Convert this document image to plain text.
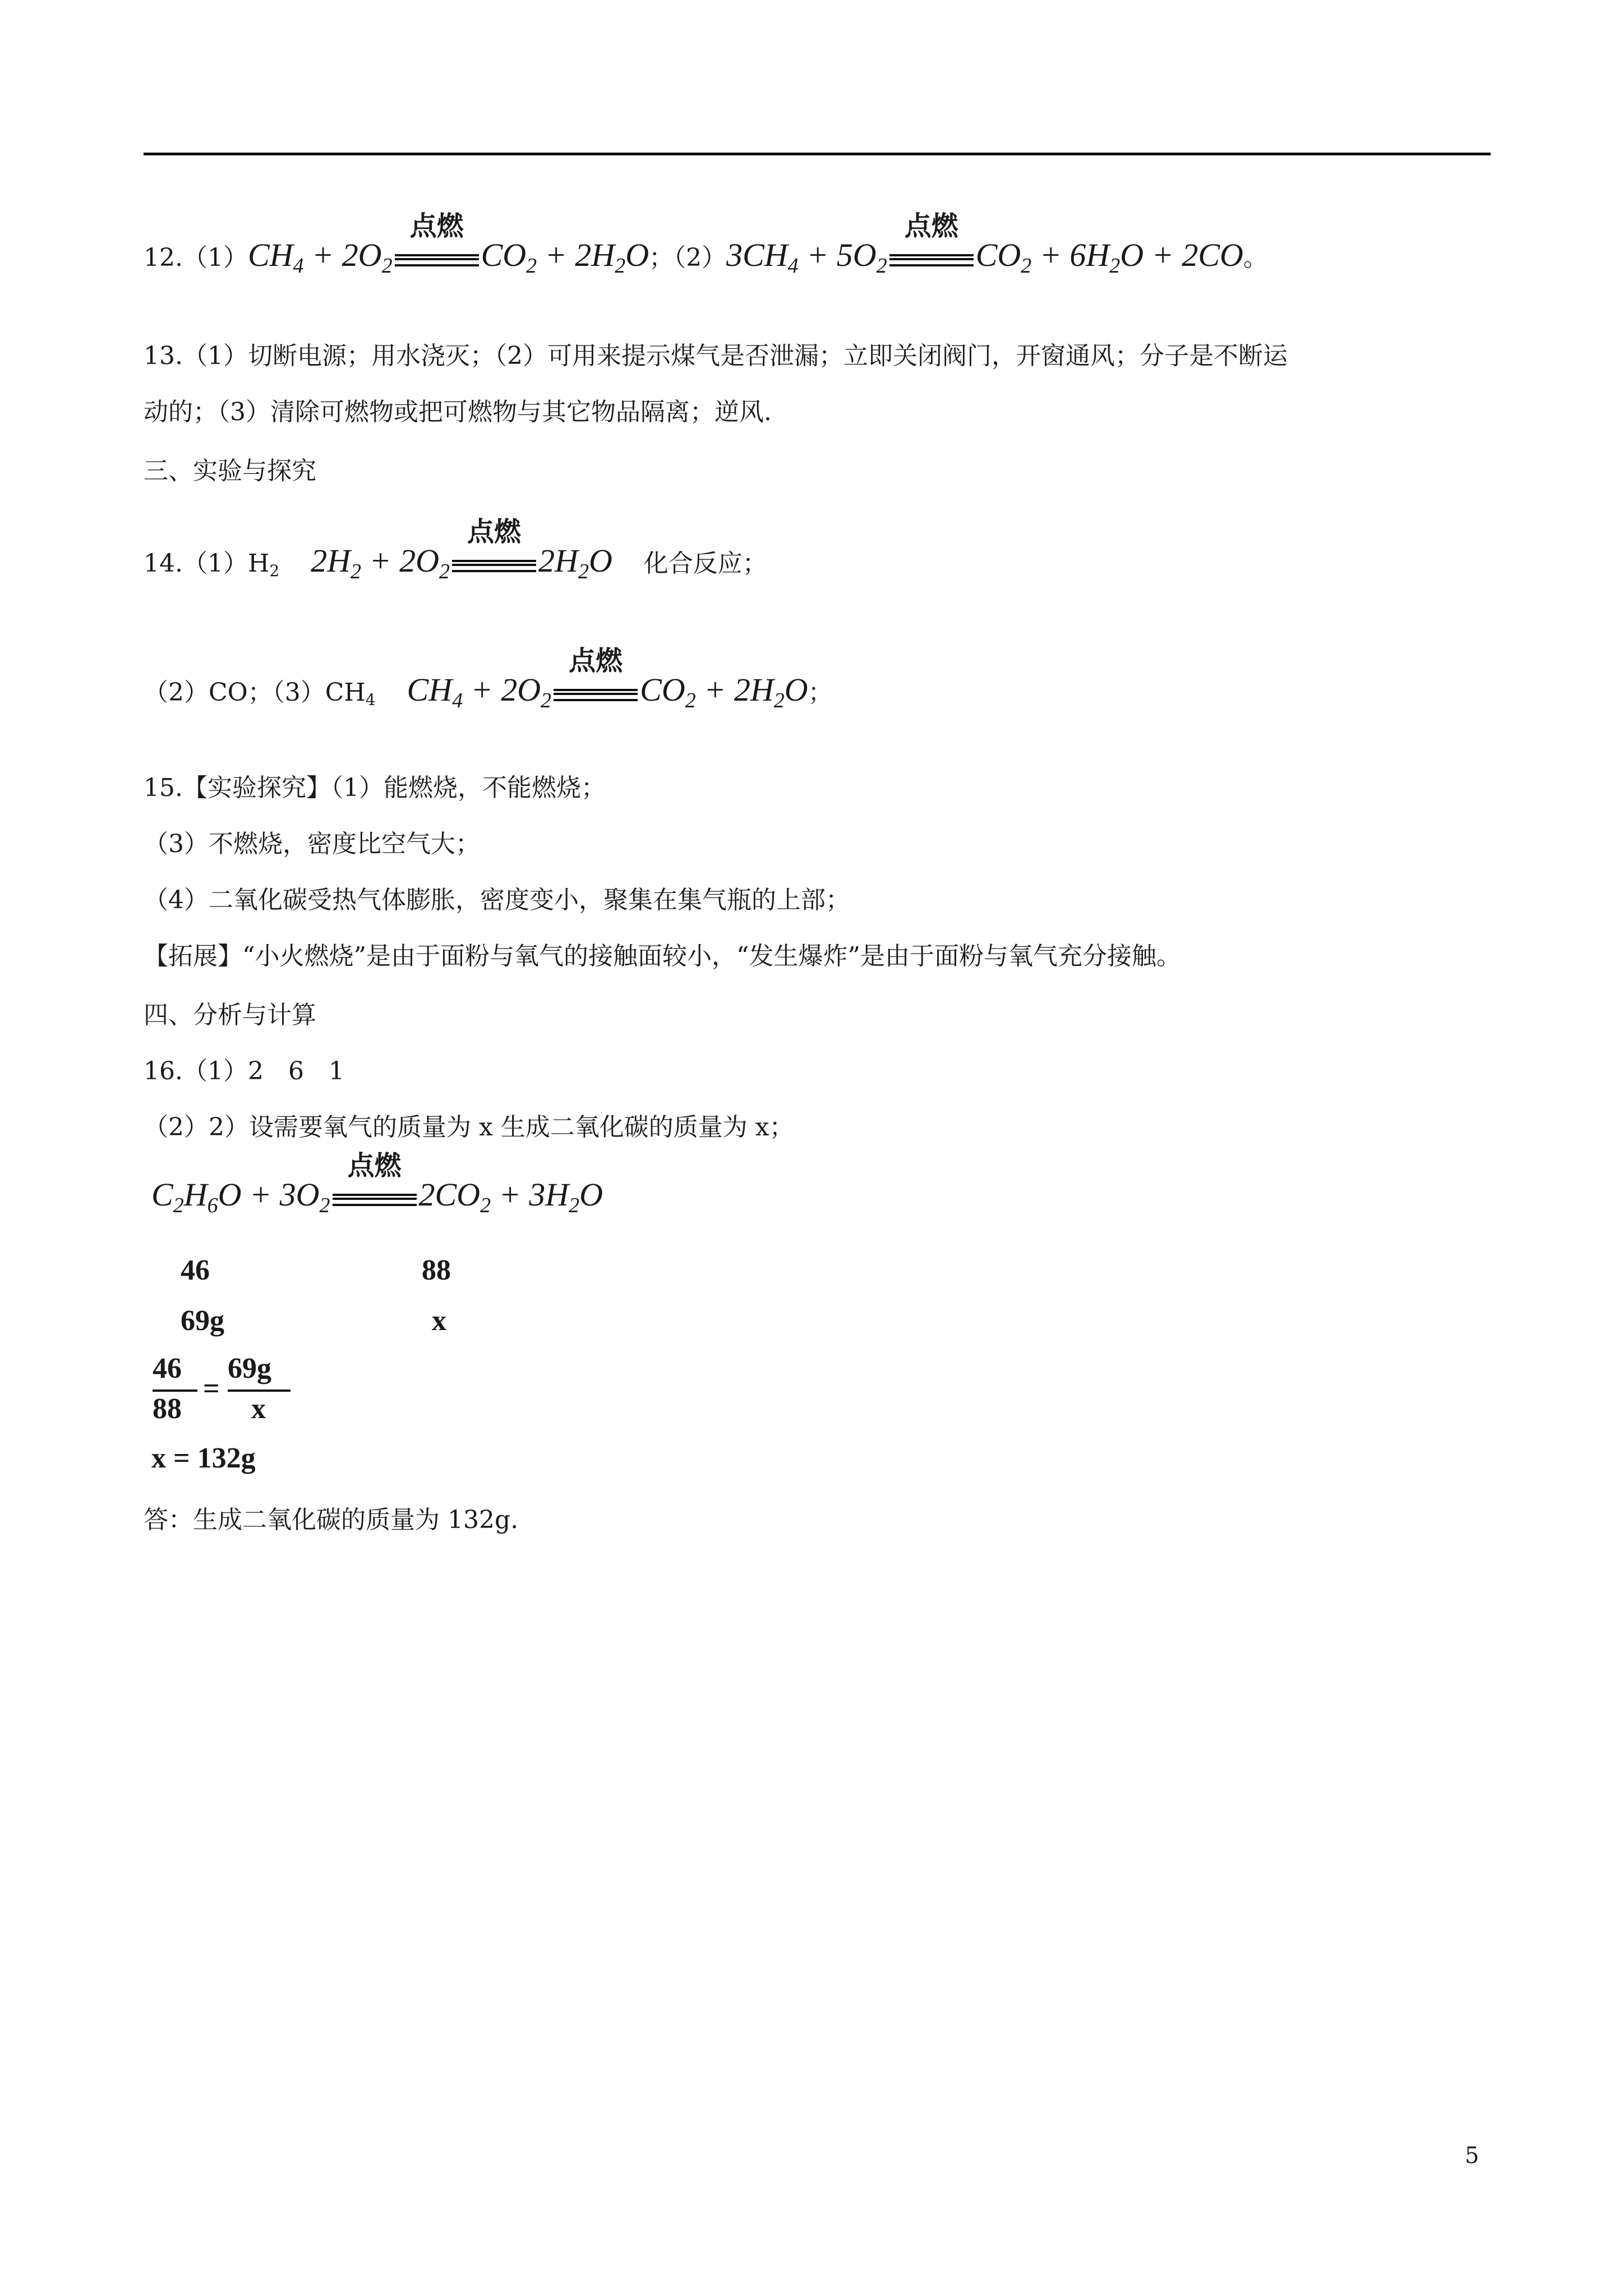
$12.(1)CH_4 + 2O_2$
点燃
$CO_2 + 2H_2O$；$(2)3CH_4 + 5O_2$
点燃
$CO_2 + 6H_2O + 2CO$。
13.（1）切断电源；用水浇灭；（2）可用来提示煤气是否泄漏；立即关闭阀门，开窗通风；分子是不断运
动的；（3）清除可燃物或把可燃物与其它物品隔离；逆风.
三、实验与探究
$14.(1)H_2$ $2H_2 + 2O_2$
点燃
$2H_2O$ 化合反应；
（2）CO；$(3)CH_4$ $CH_4 + 2O_2$
点燃
$CO_2 + 2H_2O$；
15.【实验探究】（1）能燃烧，不能燃烧；
（3）不燃烧，密度比空气大；
（4）二氧化碳受热气体膨胀，密度变小，聚集在集气瓶的上部；
【拓展】“小火燃烧”是由于面粉与氧气的接触面较小，“发生爆炸”是由于面粉与氧气充分接触。
四、分析与计算
16.（1）2　6　1
（2）2）设需要氧气的质量为 x 生成二氧化碳的质量为 x；
$C_2H_6O + 3O_2$
点燃
$2CO_2 + 3H_2O$
46	88
69g	x
46
88
=
69g
x
x = 132g
答：生成二氧化碳的质量为 132g.
5
